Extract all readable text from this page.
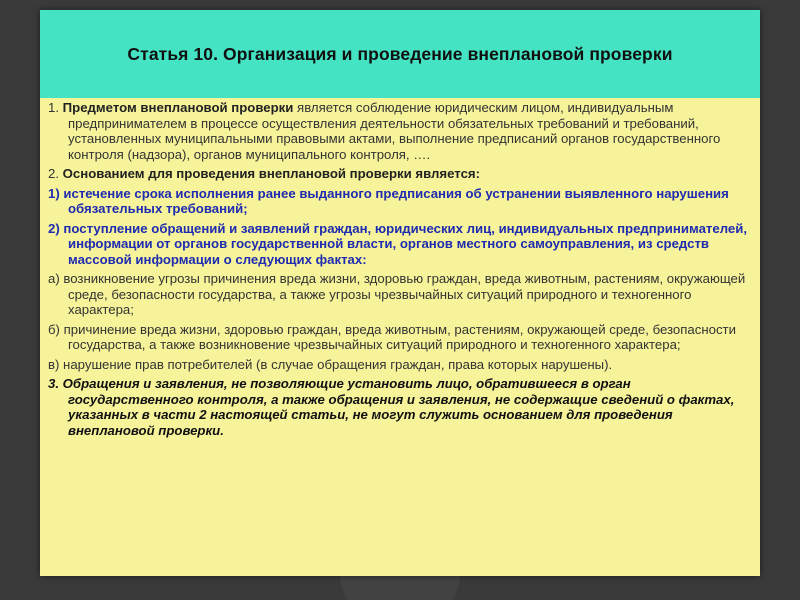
Статья 10. Организация и проведение внеплановой проверки

1. Предметом внеплановой проверки является соблюдение юридическим лицом, индивидуальным предпринимателем в процессе осуществления деятельности обязательных требований и требований, установленных муниципальными правовыми актами, выполнение предписаний органов государственного контроля (надзора), органов муниципального контроля, ….

2. Основанием для проведения внеплановой проверки является:

1) истечение срока исполнения ранее выданного предписания об устранении выявленного нарушения обязательных требований;

2) поступление обращений и заявлений граждан, юридических лиц, индивидуальных предпринимателей, информации от органов государственной власти, органов местного самоуправления, из средств массовой информации о следующих фактах:

а) возникновение угрозы причинения вреда жизни, здоровью граждан, вреда животным, растениям, окружающей среде, безопасности государства, а также угрозы чрезвычайных ситуаций природного и техногенного характера;

б) причинение вреда жизни, здоровью граждан, вреда животным, растениям, окружающей среде, безопасности государства, а также возникновение чрезвычайных ситуаций природного и техногенного характера;

в) нарушение прав потребителей (в случае обращения граждан, права которых нарушены).

3. Обращения и заявления, не позволяющие установить лицо, обратившееся в орган государственного контроля, а также обращения и заявления, не содержащие сведений о фактах, указанных в части 2 настоящей статьи, не могут служить основанием для проведения внеплановой проверки.
